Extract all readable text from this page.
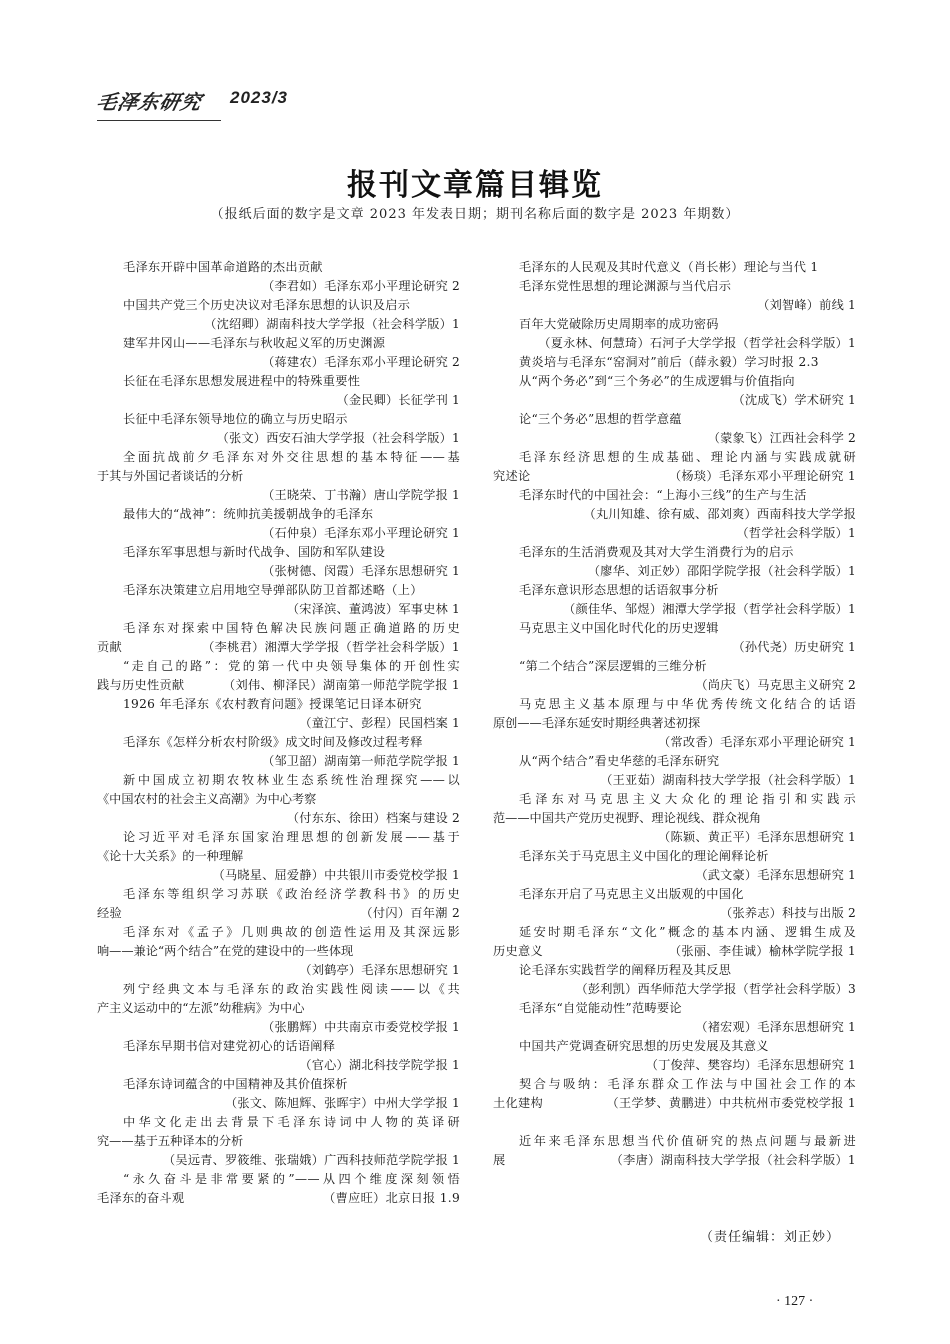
毛泽东研究 2023/3
报刊文章篇目辑览
（报纸后面的数字是文章 2023 年发表日期；期刊名称后面的数字是 2023 年期数）
毛泽东开辟中国革命道路的杰出贡献
（李君如）毛泽东邓小平理论研究 2
中国共产党三个历史决议对毛泽东思想的认识及启示
（沈绍卿）湖南科技大学学报（社会科学版）1
建军井冈山——毛泽东与秋收起义军的历史渊源
（蒋建农）毛泽东邓小平理论研究 2
长征在毛泽东思想发展进程中的特殊重要性
（金民卿）长征学刊 1
长征中毛泽东领导地位的确立与历史昭示
（张文）西安石油大学学报（社会科学版）1
全面抗战前夕毛泽东对外交往思想的基本特征——基
于其与外国记者谈话的分析
（王晓荣、丁书瀚）唐山学院学报 1
最伟大的“战神”：统帅抗美援朝战争的毛泽东
（石仲泉）毛泽东邓小平理论研究 1
毛泽东军事思想与新时代战争、国防和军队建设
（张树德、闵霞）毛泽东思想研究 1
毛泽东决策建立启用地空导弹部队防卫首都述略（上）
（宋泽滨、董鸿波）军事史林 1
毛泽东对探索中国特色解决民族问题正确道路的历史
贡献	（李桃君）湘潭大学学报（哲学社会科学版）1
“走自己的路”：党的第一代中央领导集体的开创性实
践与历史性贡献	（刘伟、柳泽民）湖南第一师范学院学报 1
1926 年毛泽东《农村教育问题》授课笔记日译本研究
（童江宁、彭程）民国档案 1
毛泽东《怎样分析农村阶级》成文时间及修改过程考释
（邹卫韶）湖南第一师范学院学报 1
新中国成立初期农牧林业生态系统性治理探究——以
《中国农村的社会主义高潮》为中心考察
（付东东、徐田）档案与建设 2
论习近平对毛泽东国家治理思想的创新发展——基于
《论十大关系》的一种理解
（马晓星、屈爱静）中共银川市委党校学报 1
毛泽东等组织学习苏联《政治经济学教科书》的历史
经验	（付闪）百年潮 2
毛泽东对《孟子》几则典故的创造性运用及其深远影
响——兼论“两个结合”在党的建设中的一些体现
（刘鹤亭）毛泽东思想研究 1
列宁经典文本与毛泽东的政治实践性阅读——以《共
产主义运动中的“左派”幼稚病》为中心
（张鹏辉）中共南京市委党校学报 1
毛泽东早期书信对建党初心的话语阐释
（官心）湖北科技学院学报 1
毛泽东诗词蕴含的中国精神及其价值探析
（张文、陈旭辉、张晖宇）中州大学学报 1
中华文化走出去背景下毛泽东诗词中人物的英译研
究——基于五种译本的分析
（吴远青、罗筱维、张瑞娥）广西科技师范学院学报 1
“永久奋斗是非常要紧的”——从四个维度深刻领悟
毛泽东的奋斗观	（曹应旺）北京日报 1.9
毛泽东的人民观及其时代意义（肖长彬）理论与当代 1
毛泽东党性思想的理论渊源与当代启示
（刘智峰）前线 1
百年大党破除历史周期率的成功密码
（夏永林、何慧琦）石河子大学学报（哲学社会科学版）1
黄炎培与毛泽东“窑洞对”前后（薛永毅）学习时报 2.3
从“两个务必”到“三个务必”的生成逻辑与价值指向
（沈成飞）学术研究 1
论“三个务必”思想的哲学意蕴
（蒙象飞）江西社会科学 2
毛泽东经济思想的生成基础、理论内涵与实践成就研
究述论	（杨琰）毛泽东邓小平理论研究 1
毛泽东时代的中国社会：“上海小三线”的生产与生活
（丸川知雄、徐有威、邵刘爽）西南科技大学学报
（哲学社会科学版）1
毛泽东的生活消费观及其对大学生消费行为的启示
（廖华、刘正妙）邵阳学院学报（社会科学版）1
毛泽东意识形态思想的话语叙事分析
（颜佳华、邹煜）湘潭大学学报（哲学社会科学版）1
马克思主义中国化时代化的历史逻辑
（孙代尧）历史研究 1
“第二个结合”深层逻辑的三维分析
（尚庆飞）马克思主义研究 2
马克思主义基本原理与中华优秀传统文化结合的话语
原创——毛泽东延安时期经典著述初探
（常改香）毛泽东邓小平理论研究 1
从“两个结合”看史华慈的毛泽东研究
（王亚茹）湖南科技大学学报（社会科学版）1
毛泽东对马克思主义大众化的理论指引和实践示
范——中国共产党历史视野、理论视线、群众视角
（陈颖、黄正平）毛泽东思想研究 1
毛泽东关于马克思主义中国化的理论阐释论析
（武文豪）毛泽东思想研究 1
毛泽东开启了马克思主义出版观的中国化
（张养志）科技与出版 2
延安时期毛泽东“文化”概念的基本内涵、逻辑生成及
历史意义	（张丽、李佳诚）榆林学院学报 1
论毛泽东实践哲学的阐释历程及其反思
（彭利凯）西华师范大学学报（哲学社会科学版）3
毛泽东“自觉能动性”范畴要论
（褚宏观）毛泽东思想研究 1
中国共产党调查研究思想的历史发展及其意义
（丁俊萍、樊容均）毛泽东思想研究 1
契合与吸纳：毛泽东群众工作法与中国社会工作的本
土化建构	（王学梦、黄鹏进）中共杭州市委党校学报 1
近年来毛泽东思想当代价值研究的热点问题与最新进
展	（李唐）湖南科技大学学报（社会科学版）1
（责任编辑：刘正妙）
· 127 ·
